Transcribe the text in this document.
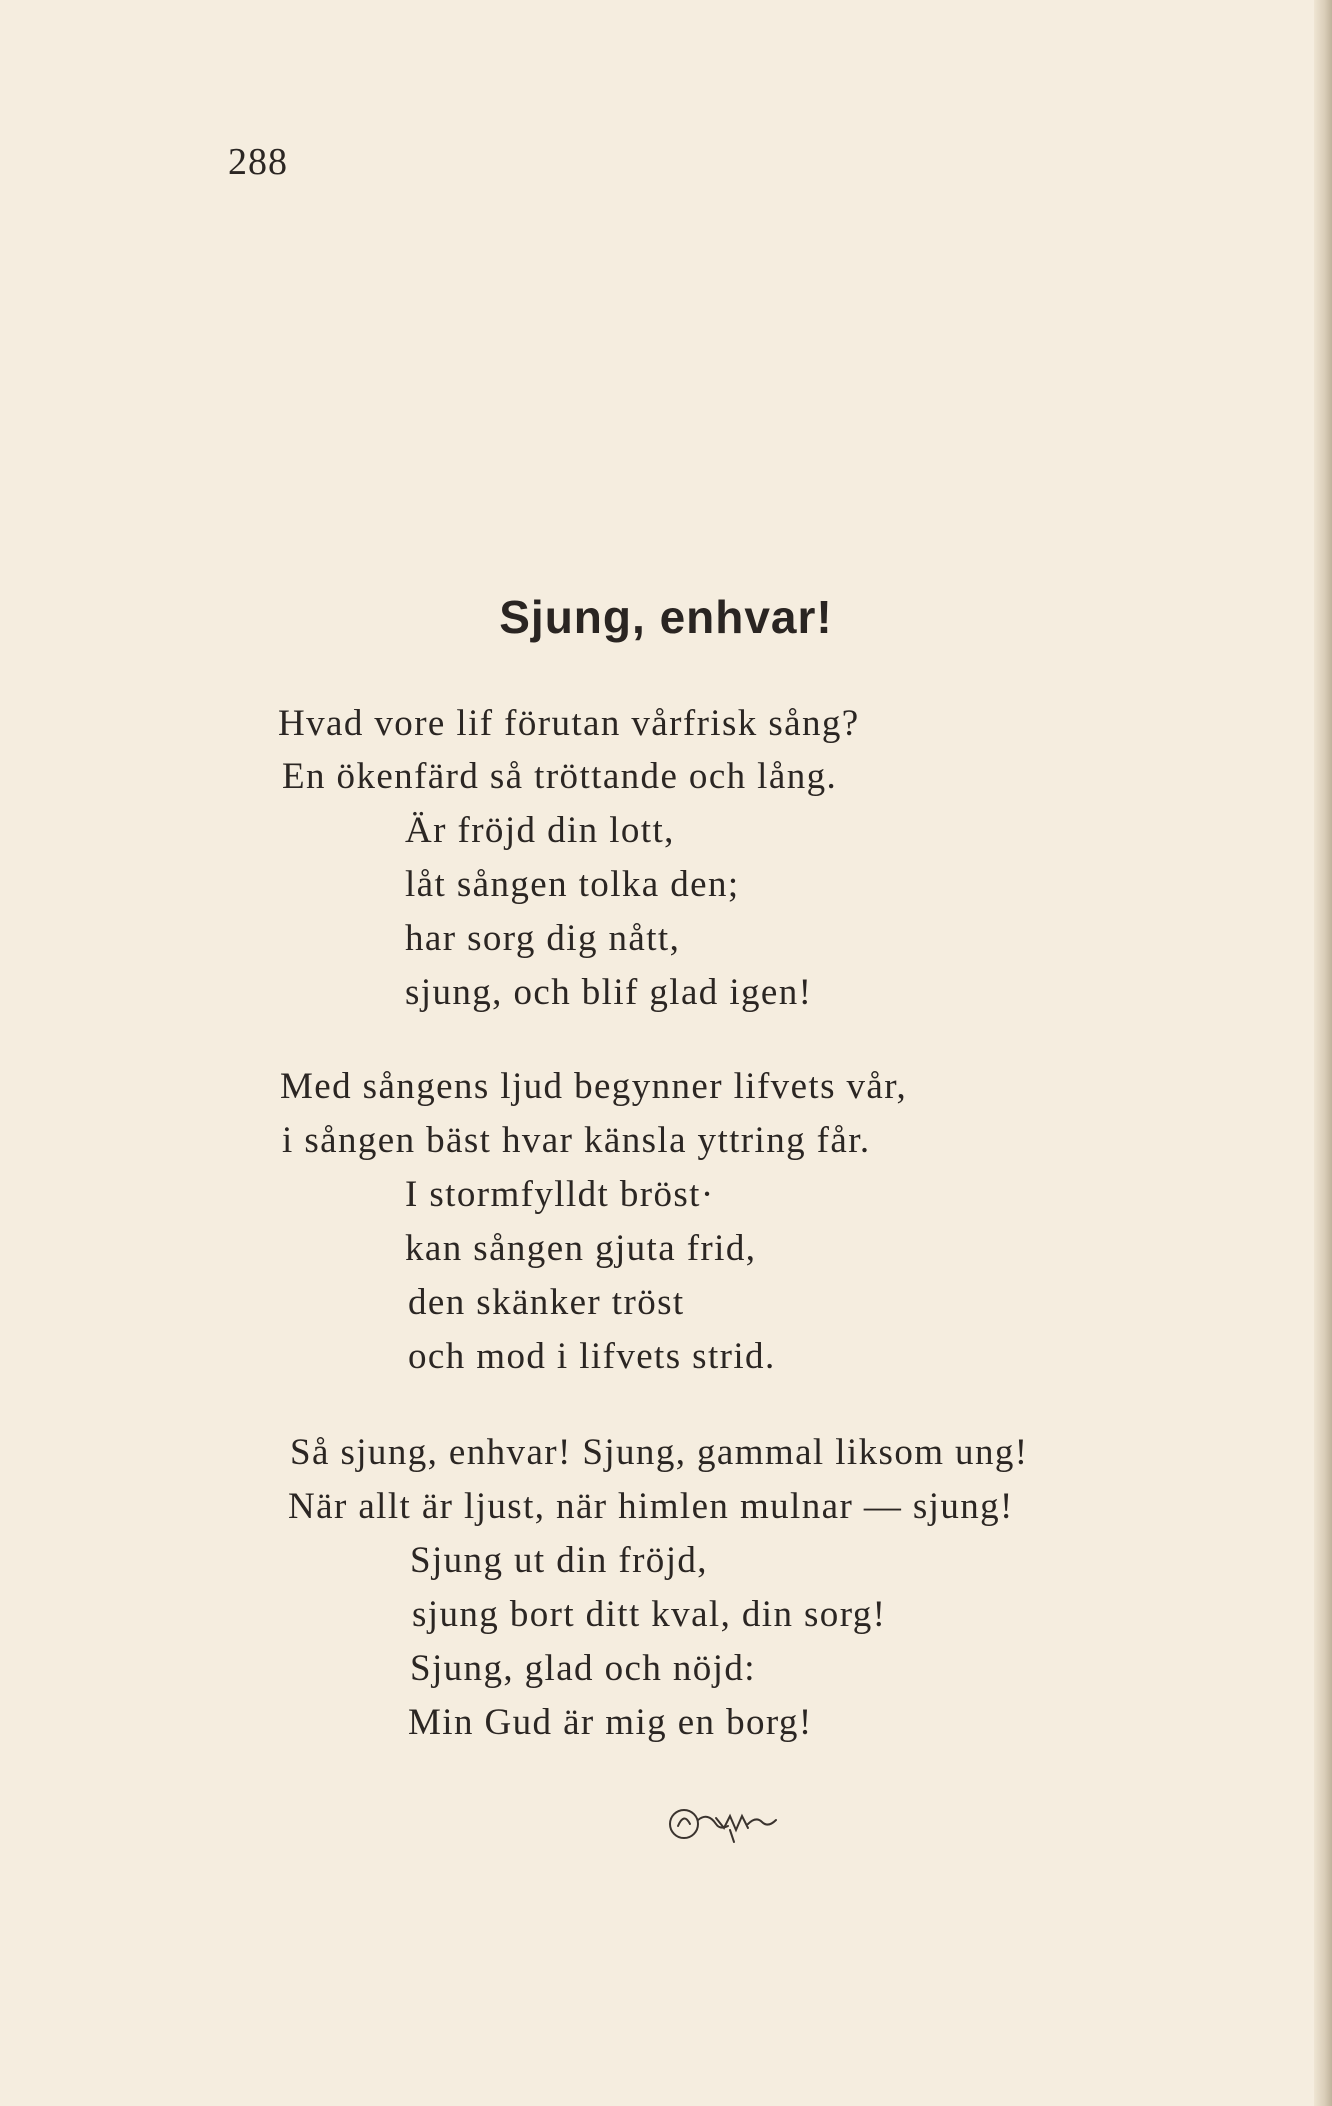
288
Sjung, enhvar!
Hvad vore lif förutan vårfrisk sång?
En ökenfärd så tröttande och lång.
Är fröjd din lott,
låt sången tolka den;
har sorg dig nått,
sjung, och blif glad igen!
Med sångens ljud begynner lifvets vår,
i sången bäst hvar känsla yttring får.
I stormfylldt bröst·
kan sången gjuta frid,
den skänker tröst
och mod i lifvets strid.
Så sjung, enhvar! Sjung, gammal liksom ung!
När allt är ljust, när himlen mulnar — sjung!
Sjung ut din fröjd,
sjung bort ditt kval, din sorg!
Sjung, glad och nöjd:
Min Gud är mig en borg!
